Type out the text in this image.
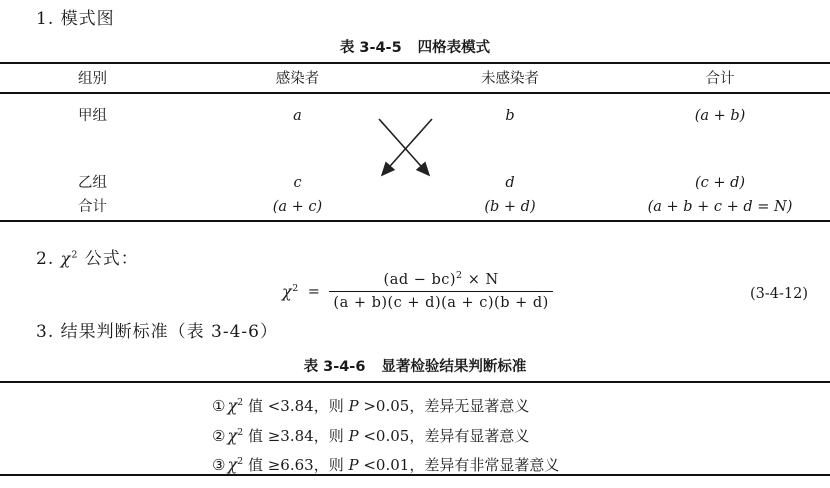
1. 模式图
表 3-4-5 四格表模式
组别	感染者	未感染者	合计
甲组	a	b	(a + b)
乙组	c	d	(c + d)
合计	(a + c)	(b + d)	(a + b + c + d = N)
2. $\chi^2$ 公式：
$\chi^2 = \frac{(ad - bc)^2 \times N}{(a + b)(c + d)(a + c)(b + d)}$	(3-4-12)
3. 结果判断标准（表 3-4-6）
表 3-4-6 显著检验结果判断标准
① $\chi^2$ 值 <3.84，则 P >0.05，差异无显著意义
② $\chi^2$ 值 ≥3.84，则 P <0.05，差异有显著意义
③ $\chi^2$ 值 ≥6.63，则 P <0.01，差异有非常显著意义
